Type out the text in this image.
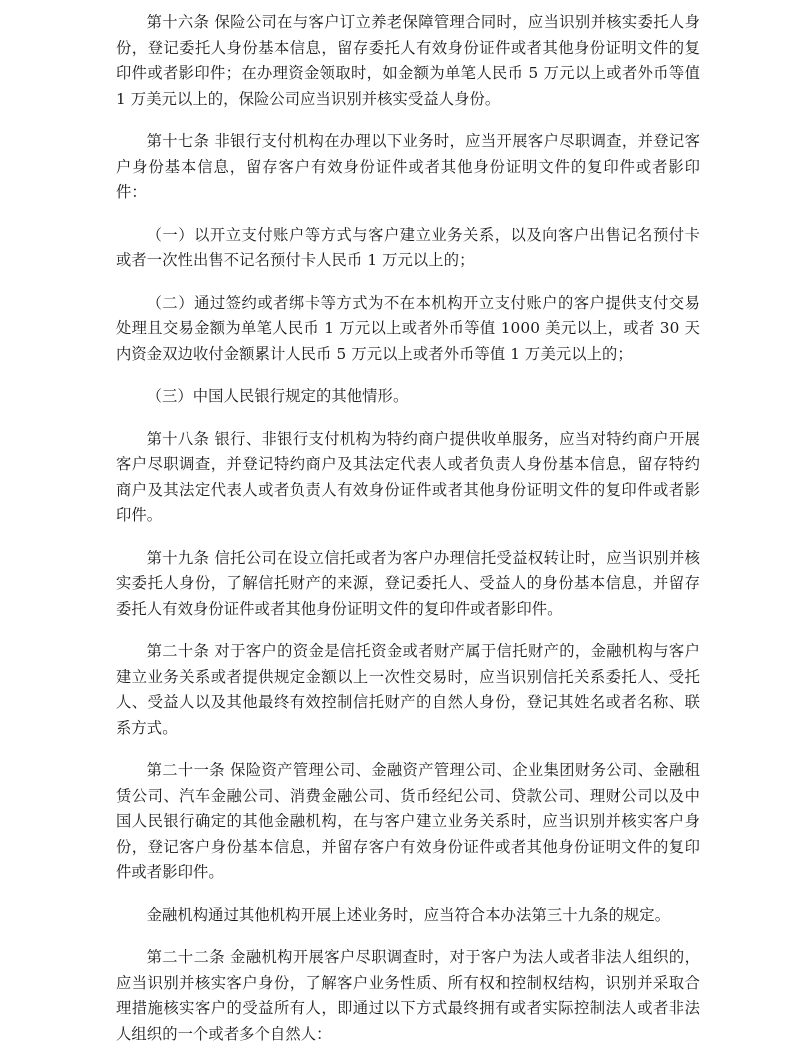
第十六条 保险公司在与客户订立养老保障管理合同时，应当识别并核实委托人身份，登记委托人身份基本信息，留存委托人有效身份证件或者其他身份证明文件的复印件或者影印件；在办理资金领取时，如金额为单笔人民币 5 万元以上或者外币等值 1 万美元以上的，保险公司应当识别并核实受益人身份。

第十七条 非银行支付机构在办理以下业务时，应当开展客户尽职调查，并登记客户身份基本信息，留存客户有效身份证件或者其他身份证明文件的复印件或者影印件：

（一）以开立支付账户等方式与客户建立业务关系，以及向客户出售记名预付卡或者一次性出售不记名预付卡人民币 1 万元以上的；

（二）通过签约或者绑卡等方式为不在本机构开立支付账户的客户提供支付交易处理且交易金额为单笔人民币 1 万元以上或者外币等值 1000 美元以上，或者 30 天内资金双边收付金额累计人民币 5 万元以上或者外币等值 1 万美元以上的；

（三）中国人民银行规定的其他情形。

第十八条 银行、非银行支付机构为特约商户提供收单服务，应当对特约商户开展客户尽职调查，并登记特约商户及其法定代表人或者负责人身份基本信息，留存特约商户及其法定代表人或者负责人有效身份证件或者其他身份证明文件的复印件或者影印件。

第十九条 信托公司在设立信托或者为客户办理信托受益权转让时，应当识别并核实委托人身份，了解信托财产的来源，登记委托人、受益人的身份基本信息，并留存委托人有效身份证件或者其他身份证明文件的复印件或者影印件。

第二十条 对于客户的资金是信托资金或者财产属于信托财产的，金融机构与客户建立业务关系或者提供规定金额以上一次性交易时，应当识别信托关系委托人、受托人、受益人以及其他最终有效控制信托财产的自然人身份，登记其姓名或者名称、联系方式。

第二十一条 保险资产管理公司、金融资产管理公司、企业集团财务公司、金融租赁公司、汽车金融公司、消费金融公司、货币经纪公司、贷款公司、理财公司以及中国人民银行确定的其他金融机构，在与客户建立业务关系时，应当识别并核实客户身份，登记客户身份基本信息，并留存客户有效身份证件或者其他身份证明文件的复印件或者影印件。

金融机构通过其他机构开展上述业务时，应当符合本办法第三十九条的规定。

第二十二条 金融机构开展客户尽职调查时，对于客户为法人或者非法人组织的，应当识别并核实客户身份，了解客户业务性质、所有权和控制权结构，识别并采取合理措施核实客户的受益所有人，即通过以下方式最终拥有或者实际控制法人或者非法人组织的一个或者多个自然人：
